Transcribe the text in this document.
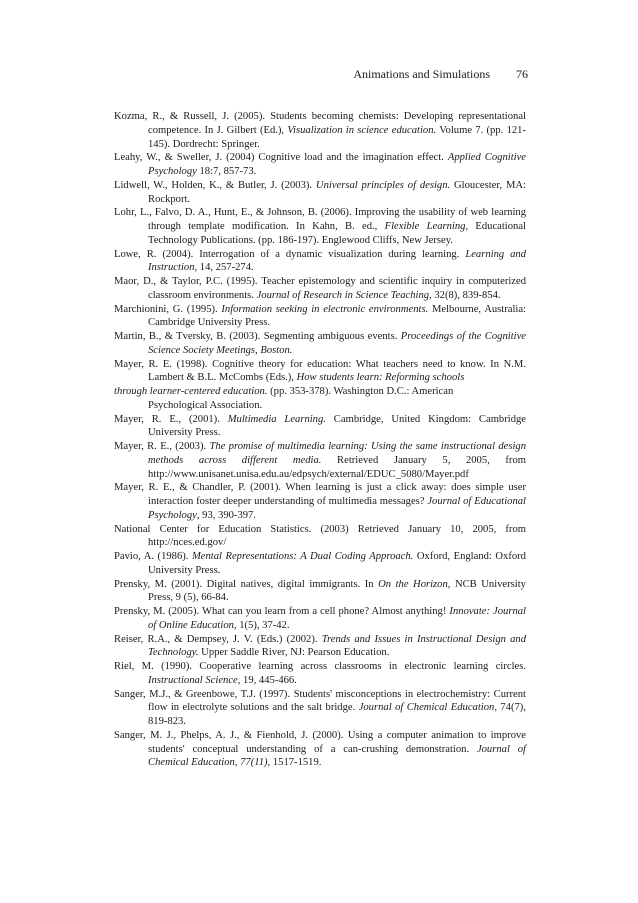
Animations and Simulations 76

Kozma, R., & Russell, J. (2005). Students becoming chemists: Developing representational competence. In J. Gilbert (Ed.), Visualization in science education. Volume 7. (pp. 121-145). Dordrecht: Springer.

Leahy, W., & Sweller, J. (2004) Cognitive load and the imagination effect. Applied Cognitive Psychology 18:7, 857-73.

Lidwell, W., Holden, K., & Butler, J. (2003). Universal principles of design. Gloucester, MA: Rockport.

Lohr, L., Falvo, D. A., Hunt, E., & Johnson, B. (2006). Improving the usability of web learning through template modification. In Kahn, B. ed., Flexible Learning, Educational Technology Publications. (pp. 186-197). Englewood Cliffs, New Jersey.

Lowe, R. (2004). Interrogation of a dynamic visualization during learning. Learning and Instruction, 14, 257-274.

Maor, D., & Taylor, P.C. (1995). Teacher epistemology and scientific inquiry in computerized classroom environments. Journal of Research in Science Teaching, 32(8), 839-854.

Marchionini, G. (1995). Information seeking in electronic environments. Melbourne, Australia: Cambridge University Press.

Martin, B., & Tversky, B. (2003). Segmenting ambiguous events. Proceedings of the Cognitive Science Society Meetings, Boston.

Mayer, R. E. (1998). Cognitive theory for education: What teachers need to know. In N.M. Lambert & B.L. McCombs (Eds.), How students learn: Reforming schools

through learner-centered education. (pp. 353-378). Washington D.C.: American

Psychological Association.

Mayer, R. E., (2001). Multimedia Learning. Cambridge, United Kingdom: Cambridge University Press.

Mayer, R. E., (2003). The promise of multimedia learning: Using the same instructional design methods across different media. Retrieved January 5, 2005, from http://www.unisanet.unisa.edu.au/edpsych/external/EDUC_5080/Mayer.pdf

Mayer, R. E., & Chandler, P. (2001). When learning is just a click away: does simple user interaction foster deeper understanding of multimedia messages? Journal of Educational Psychology, 93, 390-397.

National Center for Education Statistics. (2003) Retrieved January 10, 2005, from http://nces.ed.gov/

Pavio, A. (1986). Mental Representations: A Dual Coding Approach. Oxford, England: Oxford University Press.

Prensky, M. (2001). Digital natives, digital immigrants. In On the Horizon, NCB University Press, 9 (5), 66-84.

Prensky, M. (2005). What can you learn from a cell phone? Almost anything! Innovate: Journal of Online Education, 1(5), 37-42.

Reiser, R.A., & Dempsey, J. V. (Eds.) (2002). Trends and Issues in Instructional Design and Technology. Upper Saddle River, NJ: Pearson Education.

Riel, M. (1990). Cooperative learning across classrooms in electronic learning circles. Instructional Science, 19, 445-466.

Sanger, M.J., & Greenbowe, T.J. (1997). Students' misconceptions in electrochemistry: Current flow in electrolyte solutions and the salt bridge. Journal of Chemical Education, 74(7), 819-823.

Sanger, M. J., Phelps, A. J., & Fienhold, J. (2000). Using a computer animation to improve students' conceptual understanding of a can-crushing demonstration. Journal of Chemical Education, 77(11), 1517-1519.
